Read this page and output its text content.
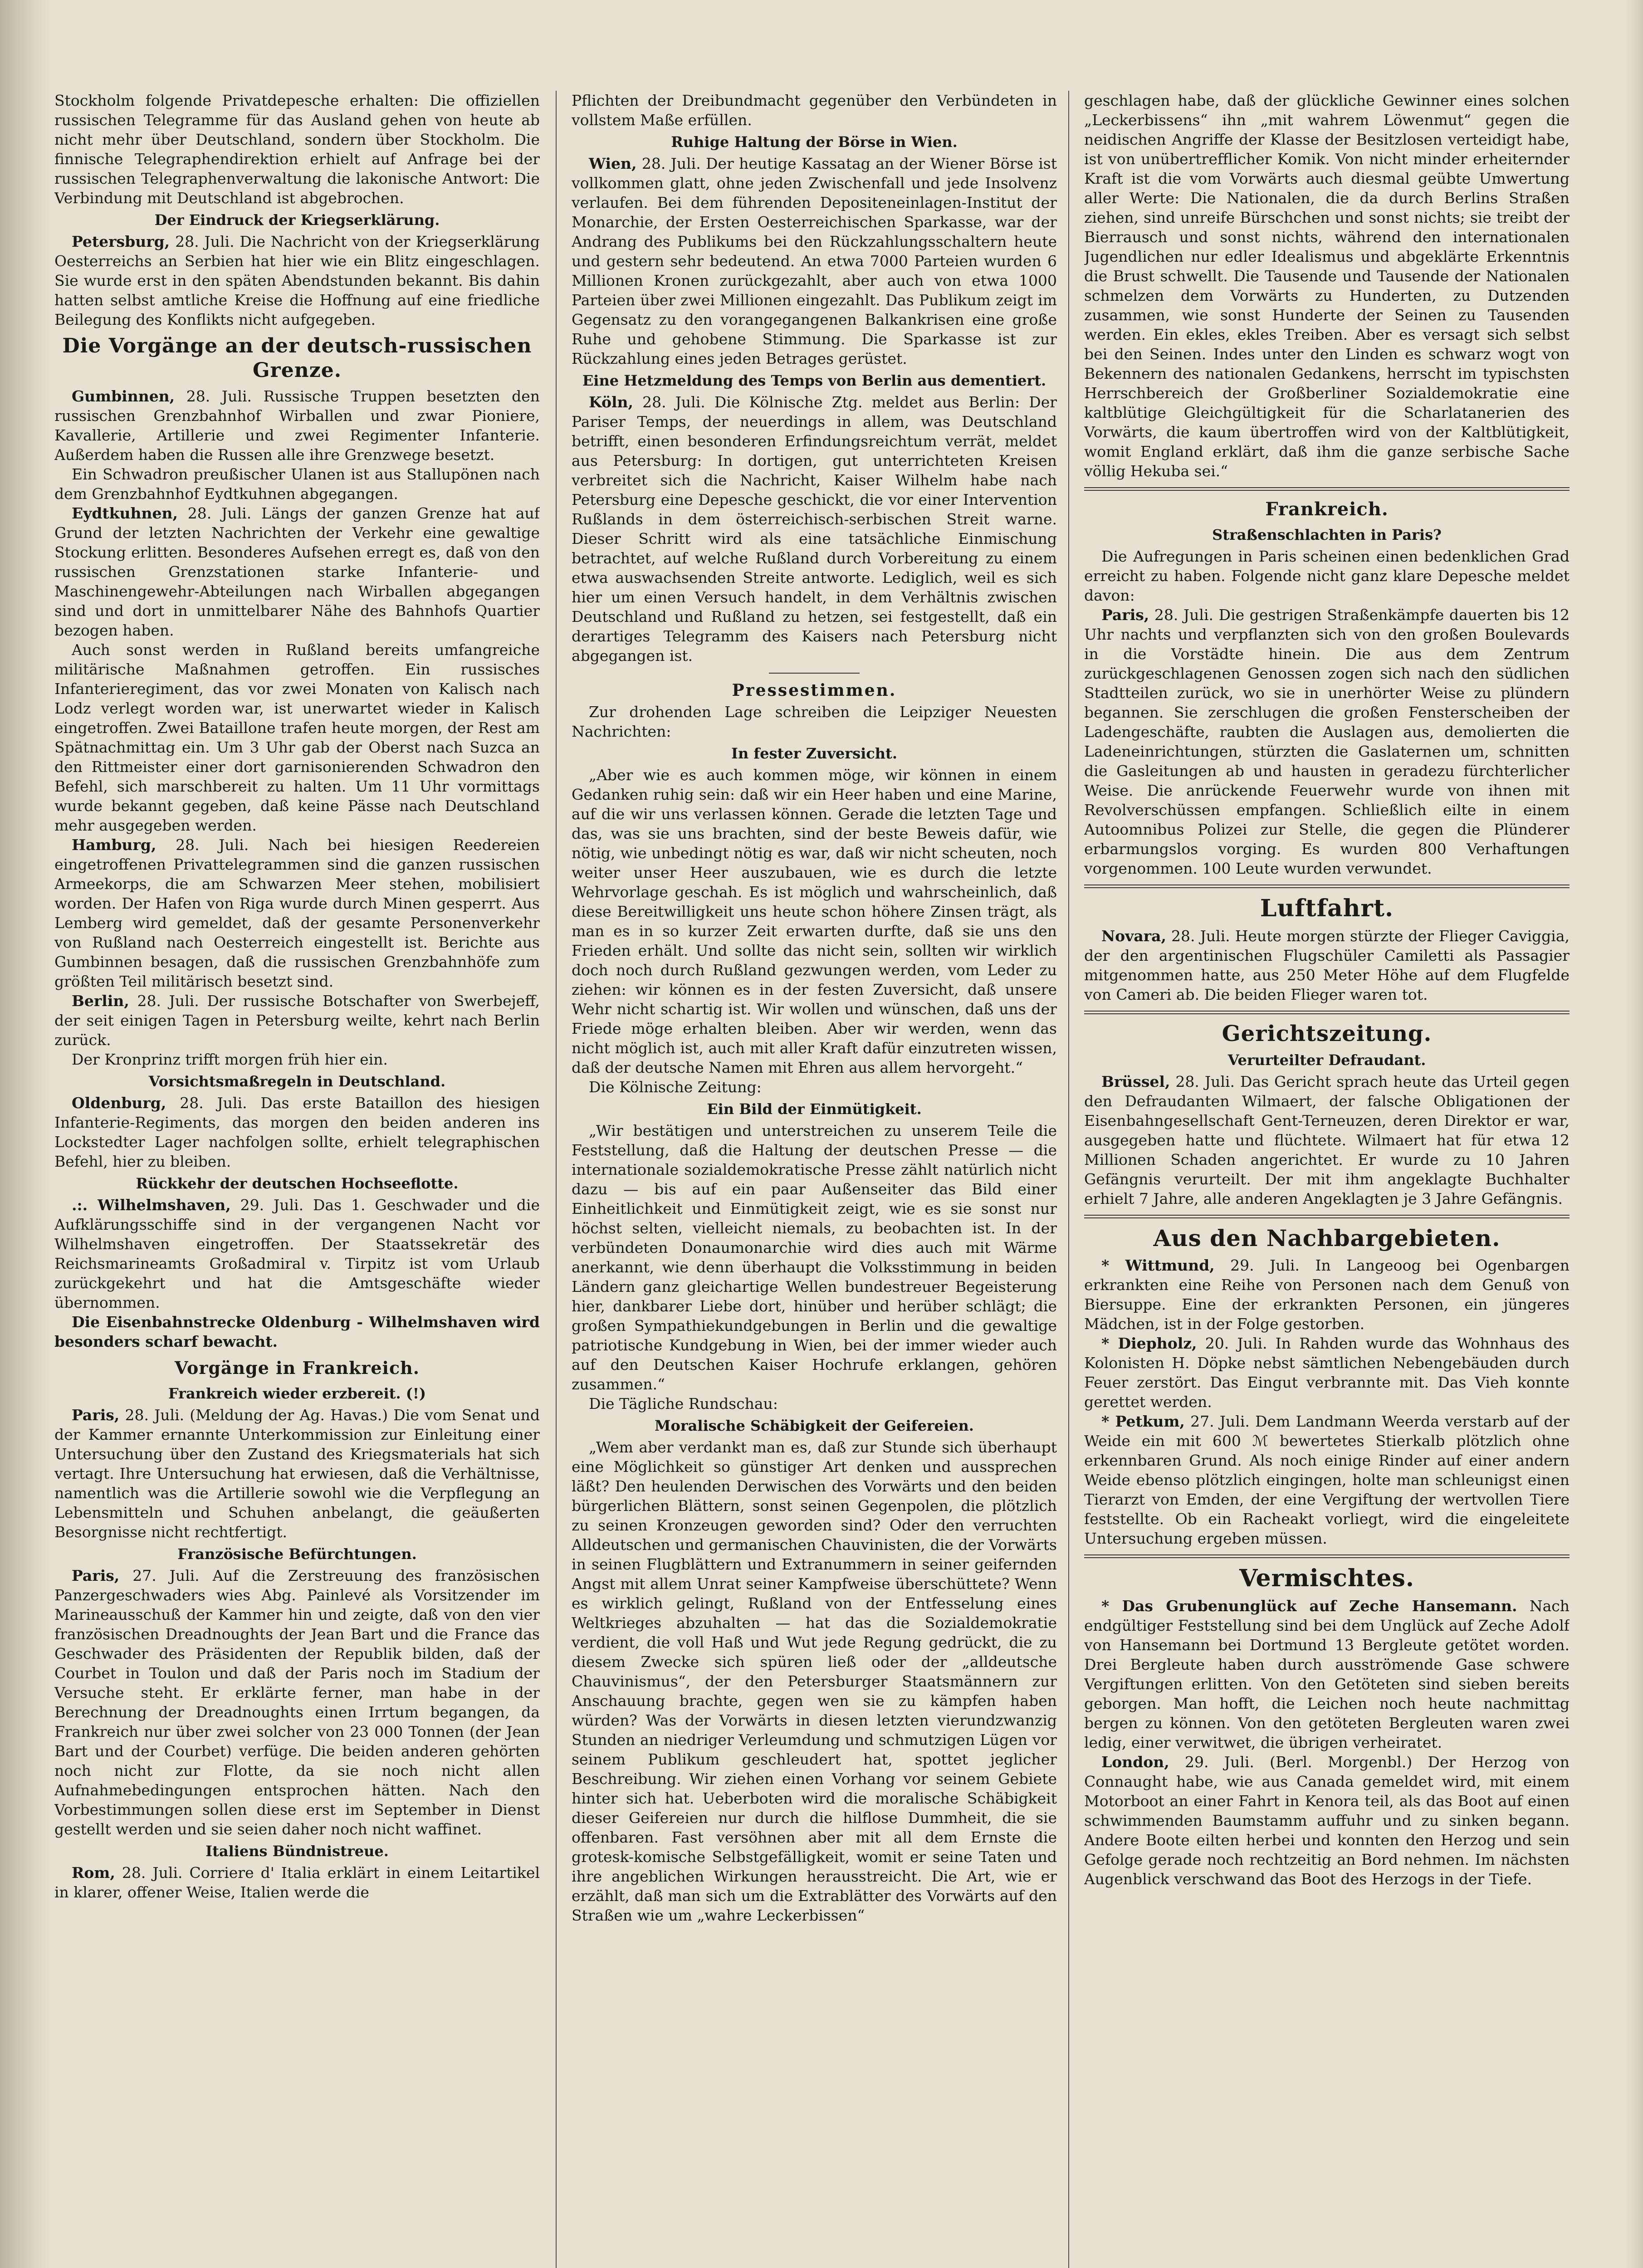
Stockholm folgende Privatdepesche erhalten: Die offiziellen russischen Telegramme für das Ausland gehen von heute ab nicht mehr über Deutschland, sondern über Stockholm. Die finnische Telegraphendirektion erhielt auf Anfrage bei der russischen Telegraphenverwaltung die lakonische Antwort: Die Verbindung mit Deutschland ist abgebrochen.

Der Eindruck der Kriegserklärung.

Petersburg, 28. Juli. Die Nachricht von der Kriegserklärung Oesterreichs an Serbien hat hier wie ein Blitz eingeschlagen. Sie wurde erst in den späten Abendstunden bekannt. Bis dahin hatten selbst amtliche Kreise die Hoffnung auf eine friedliche Beilegung des Konflikts nicht aufgegeben.

Die Vorgänge an der deutsch-russischen Grenze.

Gumbinnen, 28. Juli. Russische Truppen besetzten den russischen Grenzbahnhof Wirballen und zwar Pioniere, Kavallerie, Artillerie und zwei Regimenter Infanterie. Außerdem haben die Russen alle ihre Grenzwege besetzt.

Ein Schwadron preußischer Ulanen ist aus Stallupönen nach dem Grenzbahnhof Eydtkuhnen abgegangen.

Eydtkuhnen, 28. Juli. Längs der ganzen Grenze hat auf Grund der letzten Nachrichten der Verkehr eine gewaltige Stockung erlitten. Besonderes Aufsehen erregt es, daß von den russischen Grenzstationen starke Infanterie- und Maschinengewehr-Abteilungen nach Wirballen abgegangen sind und dort in unmittelbarer Nähe des Bahnhofs Quartier bezogen haben.

Auch sonst werden in Rußland bereits umfangreiche militärische Maßnahmen getroffen. Ein russisches Infanterieregiment, das vor zwei Monaten von Kalisch nach Lodz verlegt worden war, ist unerwartet wieder in Kalisch eingetroffen. Zwei Bataillone trafen heute morgen, der Rest am Spätnachmittag ein. Um 3 Uhr gab der Oberst nach Suzca an den Rittmeister einer dort garnisonierenden Schwadron den Befehl, sich marschbereit zu halten. Um 11 Uhr vormittags wurde bekannt gegeben, daß keine Pässe nach Deutschland mehr ausgegeben werden.

Hamburg, 28. Juli. Nach bei hiesigen Reedereien eingetroffenen Privattelegrammen sind die ganzen russischen Armeekorps, die am Schwarzen Meer stehen, mobilisiert worden. Der Hafen von Riga wurde durch Minen gesperrt. Aus Lemberg wird gemeldet, daß der gesamte Personenverkehr von Rußland nach Oesterreich eingestellt ist. Berichte aus Gumbinnen besagen, daß die russischen Grenzbahnhöfe zum größten Teil militärisch besetzt sind.

Berlin, 28. Juli. Der russische Botschafter von Swerbejeff, der seit einigen Tagen in Petersburg weilte, kehrt nach Berlin zurück.

Der Kronprinz trifft morgen früh hier ein.

Vorsichtsmaßregeln in Deutschland.

Oldenburg, 28. Juli. Das erste Bataillon des hiesigen Infanterie-Regiments, das morgen den beiden anderen ins Lockstedter Lager nachfolgen sollte, erhielt telegraphischen Befehl, hier zu bleiben.

Rückkehr der deutschen Hochseeflotte.

.:. Wilhelmshaven, 29. Juli. Das 1. Geschwader und die Aufklärungsschiffe sind in der vergangenen Nacht vor Wilhelmshaven eingetroffen. Der Staatssekretär des Reichsmarineamts Großadmiral v. Tirpitz ist vom Urlaub zurückgekehrt und hat die Amtsgeschäfte wieder übernommen.

Die Eisenbahnstrecke Oldenburg - Wilhelmshaven wird besonders scharf bewacht.

Vorgänge in Frankreich.
Frankreich wieder erzbereit. (!)

Paris, 28. Juli. (Meldung der Ag. Havas.) Die vom Senat und der Kammer ernannte Unterkommission zur Einleitung einer Untersuchung über den Zustand des Kriegsmaterials hat sich vertagt. Ihre Untersuchung hat erwiesen, daß die Verhältnisse, namentlich was die Artillerie sowohl wie die Verpflegung an Lebensmitteln und Schuhen anbelangt, die geäußerten Besorgnisse nicht rechtfertigt.

Französische Befürchtungen.

Paris, 27. Juli. Auf die Zerstreuung des französischen Panzergeschwaders wies Abg. Painlevé als Vorsitzender im Marineausschuß der Kammer hin und zeigte, daß von den vier französischen Dreadnoughts der Jean Bart und die France das Geschwader des Präsidenten der Republik bilden, daß der Courbet in Toulon und daß der Paris noch im Stadium der Versuche steht. Er erklärte ferner, man habe in der Berechnung der Dreadnoughts einen Irrtum begangen, da Frankreich nur über zwei solcher von 23 000 Tonnen (der Jean Bart und der Courbet) verfüge. Die beiden anderen gehörten noch nicht zur Flotte, da sie noch nicht allen Aufnahmebedingungen entsprochen hätten. Nach den Vorbestimmungen sollen diese erst im September in Dienst gestellt werden und sie seien daher noch nicht waffinet.

Italiens Bündnistreue.

Rom, 28. Juli. Corriere d' Italia erklärt in einem Leitartikel in klarer, offener Weise, Italien werde die

Pflichten der Dreibundmacht gegenüber den Verbündeten in vollstem Maße erfüllen.

Ruhige Haltung der Börse in Wien.

Wien, 28. Juli. Der heutige Kassatag an der Wiener Börse ist vollkommen glatt, ohne jeden Zwischenfall und jede Insolvenz verlaufen. Bei dem führenden Depositeneinlagen-Institut der Monarchie, der Ersten Oesterreichischen Sparkasse, war der Andrang des Publikums bei den Rückzahlungsschaltern heute und gestern sehr bedeutend. An etwa 7000 Parteien wurden 6 Millionen Kronen zurückgezahlt, aber auch von etwa 1000 Parteien über zwei Millionen eingezahlt. Das Publikum zeigt im Gegensatz zu den vorangegangenen Balkankrisen eine große Ruhe und gehobene Stimmung. Die Sparkasse ist zur Rückzahlung eines jeden Betrages gerüstet.

Eine Hetzmeldung des Temps von Berlin aus dementiert.

Köln, 28. Juli. Die Kölnische Ztg. meldet aus Berlin: Der Pariser Temps, der neuerdings in allem, was Deutschland betrifft, einen besonderen Erfindungsreichtum verrät, meldet aus Petersburg: In dortigen, gut unterrichteten Kreisen verbreitet sich die Nachricht, Kaiser Wilhelm habe nach Petersburg eine Depesche geschickt, die vor einer Intervention Rußlands in dem österreichisch-serbischen Streit warne. Dieser Schritt wird als eine tatsächliche Einmischung betrachtet, auf welche Rußland durch Vorbereitung zu einem etwa auswachsenden Streite antworte. Lediglich, weil es sich hier um einen Versuch handelt, in dem Verhältnis zwischen Deutschland und Rußland zu hetzen, sei festgestellt, daß ein derartiges Telegramm des Kaisers nach Petersburg nicht abgegangen ist.

Pressestimmen.

Zur drohenden Lage schreiben die Leipziger Neuesten Nachrichten:

In fester Zuversicht.

„Aber wie es auch kommen möge, wir können in einem Gedanken ruhig sein: daß wir ein Heer haben und eine Marine, auf die wir uns verlassen können. Gerade die letzten Tage und das, was sie uns brachten, sind der beste Beweis dafür, wie nötig, wie unbedingt nötig es war, daß wir nicht scheuten, noch weiter unser Heer auszubauen, wie es durch die letzte Wehrvorlage geschah. Es ist möglich und wahrscheinlich, daß diese Bereitwilligkeit uns heute schon höhere Zinsen trägt, als man es in so kurzer Zeit erwarten durfte, daß sie uns den Frieden erhält. Und sollte das nicht sein, sollten wir wirklich doch noch durch Rußland gezwungen werden, vom Leder zu ziehen: wir können es in der festen Zuversicht, daß unsere Wehr nicht schartig ist. Wir wollen und wünschen, daß uns der Friede möge erhalten bleiben. Aber wir werden, wenn das nicht möglich ist, auch mit aller Kraft dafür einzutreten wissen, daß der deutsche Namen mit Ehren aus allem hervorgeht.“

Die Kölnische Zeitung:

Ein Bild der Einmütigkeit.

„Wir bestätigen und unterstreichen zu unserem Teile die Feststellung, daß die Haltung der deutschen Presse — die internationale sozialdemokratische Presse zählt natürlich nicht dazu — bis auf ein paar Außenseiter das Bild einer Einheitlichkeit und Einmütigkeit zeigt, wie es sie sonst nur höchst selten, vielleicht niemals, zu beobachten ist. In der verbündeten Donaumonarchie wird dies auch mit Wärme anerkannt, wie denn überhaupt die Volksstimmung in beiden Ländern ganz gleichartige Wellen bundestreuer Begeisterung hier, dankbarer Liebe dort, hinüber und herüber schlägt; die großen Sympathiekundgebungen in Berlin und die gewaltige patriotische Kundgebung in Wien, bei der immer wieder auch auf den Deutschen Kaiser Hochrufe erklangen, gehören zusammen.“

Die Tägliche Rundschau:

Moralische Schäbigkeit der Geifereien.

„Wem aber verdankt man es, daß zur Stunde sich überhaupt eine Möglichkeit so günstiger Art denken und aussprechen läßt? Den heulenden Derwischen des Vorwärts und den beiden bürgerlichen Blättern, sonst seinen Gegenpolen, die plötzlich zu seinen Kronzeugen geworden sind? Oder den verruchten Alldeutschen und germanischen Chauvinisten, die der Vorwärts in seinen Flugblättern und Extranummern in seiner geifernden Angst mit allem Unrat seiner Kampfweise überschüttete? Wenn es wirklich gelingt, Rußland von der Entfesselung eines Weltkrieges abzuhalten — hat das die Sozialdemokratie verdient, die voll Haß und Wut jede Regung gedrückt, die zu diesem Zwecke sich spüren ließ oder der „alldeutsche Chauvinismus“, der den Petersburger Staatsmännern zur Anschauung brachte, gegen wen sie zu kämpfen haben würden? Was der Vorwärts in diesen letzten vierundzwanzig Stunden an niedriger Verleumdung und schmutzigen Lügen vor seinem Publikum geschleudert hat, spottet jeglicher Beschreibung. Wir ziehen einen Vorhang vor seinem Gebiete hinter sich hat. Ueberboten wird die moralische Schäbigkeit dieser Geifereien nur durch die hilflose Dummheit, die sie offenbaren. Fast versöhnen aber mit all dem Ernste die grotesk-komische Selbstgefälligkeit, womit er seine Taten und ihre angeblichen Wirkungen herausstreicht. Die Art, wie er erzählt, daß man sich um die Extrablätter des Vorwärts auf den Straßen wie um „wahre Leckerbissen“

geschlagen habe, daß der glückliche Gewinner eines solchen „Leckerbissens“ ihn „mit wahrem Löwenmut“ gegen die neidischen Angriffe der Klasse der Besitzlosen verteidigt habe, ist von unübertrefflicher Komik. Von nicht minder erheiternder Kraft ist die vom Vorwärts auch diesmal geübte Umwertung aller Werte: Die Nationalen, die da durch Berlins Straßen ziehen, sind unreife Bürschchen und sonst nichts; sie treibt der Bierrausch und sonst nichts, während den internationalen Jugendlichen nur edler Idealismus und abgeklärte Erkenntnis die Brust schwellt. Die Tausende und Tausende der Nationalen schmelzen dem Vorwärts zu Hunderten, zu Dutzenden zusammen, wie sonst Hunderte der Seinen zu Tausenden werden. Ein ekles, ekles Treiben. Aber es versagt sich selbst bei den Seinen. Indes unter den Linden es schwarz wogt von Bekennern des nationalen Gedankens, herrscht im typischsten Herrschbereich der Großberliner Sozialdemokratie eine kaltblütige Gleichgültigkeit für die Scharlatanerien des Vorwärts, die kaum übertroffen wird von der Kaltblütigkeit, womit England erklärt, daß ihm die ganze serbische Sache völlig Hekuba sei.“

Frankreich.
Straßenschlachten in Paris?

Die Aufregungen in Paris scheinen einen bedenklichen Grad erreicht zu haben. Folgende nicht ganz klare Depesche meldet davon:

Paris, 28. Juli. Die gestrigen Straßenkämpfe dauerten bis 12 Uhr nachts und verpflanzten sich von den großen Boulevards in die Vorstädte hinein. Die aus dem Zentrum zurückgeschlagenen Genossen zogen sich nach den südlichen Stadtteilen zurück, wo sie in unerhörter Weise zu plündern begannen. Sie zerschlugen die großen Fensterscheiben der Ladengeschäfte, raubten die Auslagen aus, demolierten die Ladeneinrichtungen, stürzten die Gaslaternen um, schnitten die Gasleitungen ab und hausten in geradezu fürchterlicher Weise. Die anrückende Feuerwehr wurde von ihnen mit Revolverschüssen empfangen. Schließlich eilte in einem Autoomnibus Polizei zur Stelle, die gegen die Plünderer erbarmungslos vorging. Es wurden 800 Verhaftungen vorgenommen. 100 Leute wurden verwundet.

Luftfahrt.

Novara, 28. Juli. Heute morgen stürzte der Flieger Caviggia, der den argentinischen Flugschüler Camiletti als Passagier mitgenommen hatte, aus 250 Meter Höhe auf dem Flugfelde von Cameri ab. Die beiden Flieger waren tot.

Gerichtszeitung.
Verurteilter Defraudant.

Brüssel, 28. Juli. Das Gericht sprach heute das Urteil gegen den Defraudanten Wilmaert, der falsche Obligationen der Eisenbahngesellschaft Gent-Terneuzen, deren Direktor er war, ausgegeben hatte und flüchtete. Wilmaert hat für etwa 12 Millionen Schaden angerichtet. Er wurde zu 10 Jahren Gefängnis verurteilt. Der mit ihm angeklagte Buchhalter erhielt 7 Jahre, alle anderen Angeklagten je 3 Jahre Gefängnis.

Aus den Nachbargebieten.

* Wittmund, 29. Juli. In Langeoog bei Ogenbargen erkrankten eine Reihe von Personen nach dem Genuß von Biersuppe. Eine der erkrankten Personen, ein jüngeres Mädchen, ist in der Folge gestorben.

* Diepholz, 20. Juli. In Rahden wurde das Wohnhaus des Kolonisten H. Döpke nebst sämtlichen Nebengebäuden durch Feuer zerstört. Das Eingut verbrannte mit. Das Vieh konnte gerettet werden.

* Petkum, 27. Juli. Dem Landmann Weerda verstarb auf der Weide ein mit 600 ℳ bewertetes Stierkalb plötzlich ohne erkennbaren Grund. Als noch einige Rinder auf einer andern Weide ebenso plötzlich eingingen, holte man schleunigst einen Tierarzt von Emden, der eine Vergiftung der wertvollen Tiere feststellte. Ob ein Racheakt vorliegt, wird die eingeleitete Untersuchung ergeben müssen.

Vermischtes.

* Das Grubenunglück auf Zeche Hansemann. Nach endgültiger Feststellung sind bei dem Unglück auf Zeche Adolf von Hansemann bei Dortmund 13 Bergleute getötet worden. Drei Bergleute haben durch ausströmende Gase schwere Vergiftungen erlitten. Von den Getöteten sind sieben bereits geborgen. Man hofft, die Leichen noch heute nachmittag bergen zu können. Von den getöteten Bergleuten waren zwei ledig, einer verwitwet, die übrigen verheiratet.

London, 29. Juli. (Berl. Morgenbl.) Der Herzog von Connaught habe, wie aus Canada gemeldet wird, mit einem Motorboot an einer Fahrt in Kenora teil, als das Boot auf einen schwimmenden Baumstamm auffuhr und zu sinken begann. Andere Boote eilten herbei und konnten den Herzog und sein Gefolge gerade noch rechtzeitig an Bord nehmen. Im nächsten Augenblick verschwand das Boot des Herzogs in der Tiefe.
